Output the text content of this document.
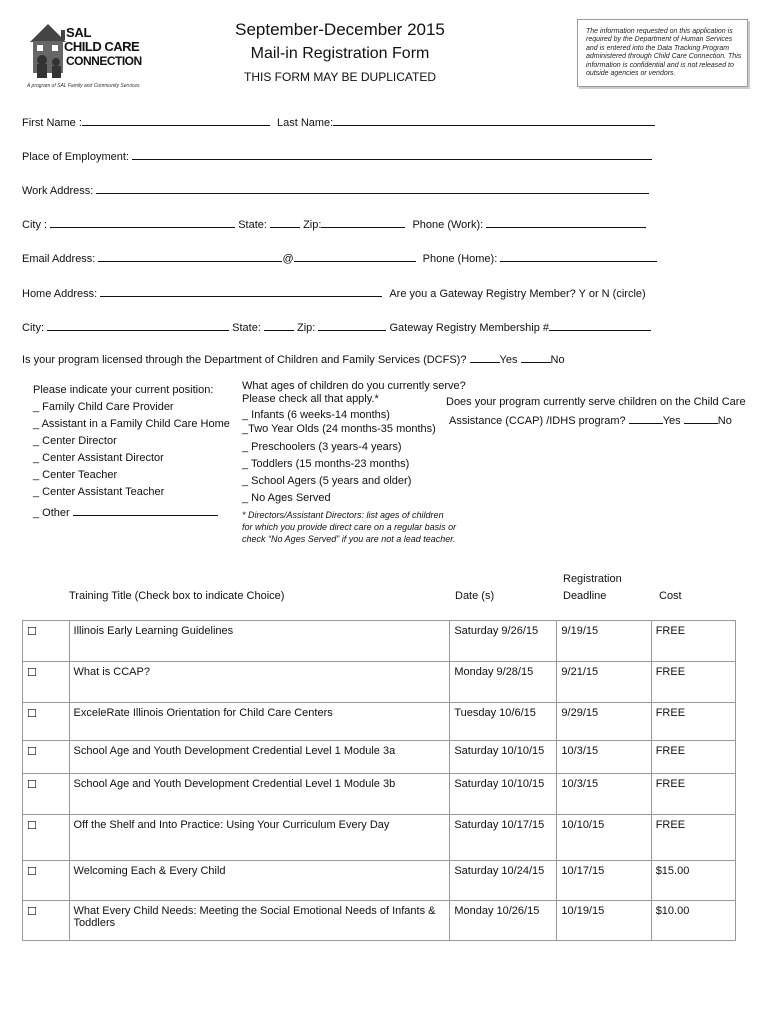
SAL
CHILD CARE
CONNECTION
A program of SAL Family and Community Services
September-December 2015
Mail-in Registration Form
THIS FORM MAY BE DUPLICATED
The information requested on this application is required by the Department of Human Services and is entered into the Data Tracking Program administered through Child Care Connection. This information is confidential and is not released to outside agencies or vendors.
First Name :	Last Name:
Place of Employment:
Work Address:
City :	State:	Zip:	Phone (Work):
Email Address:	@	Phone (Home):
Home Address:	Are you a Gateway Registry Member? Y or N (circle)
City:	State:	Zip:	Gateway Registry Membership #
Is your program licensed through the Department of Children and Family Services (DCFS)?	Yes	No
Please indicate your current position:
_ Family Child Care Provider
_ Assistant in a Family Child Care Home
_ Center Director
_ Center Assistant Director
_ Center Teacher
_ Center Assistant Teacher
_ Other
What ages of children do you currently serve?
Please check all that apply.*
_ Infants (6 weeks-14 months)
_Two Year Olds (24 months-35 months)
_ Preschoolers (3 years-4 years)
_ Toddlers (15 months-23 months)
_ School Agers (5 years and older)
_ No Ages Served
* Directors/Assistant Directors: list ages of children
for which you provide direct care on a regular basis or
check “No Ages Served” if you are not a lead teacher.
Does your program currently serve children on the Child Care
Assistance (CCAP) /IDHS program?	Yes	No
Training Title (Check box to indicate Choice)	Date (s)
Registration
Deadline	Cost
☐	Illinois Early Learning Guidelines	Saturday 9/26/15	9/19/15	FREE
☐	What is CCAP?	Monday 9/28/15	9/21/15	FREE
☐	ExceleRate Illinois Orientation for Child Care Centers	Tuesday 10/6/15	9/29/15	FREE
☐	School Age and Youth Development Credential Level 1 Module 3a	Saturday 10/10/15	10/3/15	FREE
☐	School Age and Youth Development Credential Level 1 Module 3b	Saturday 10/10/15	10/3/15	FREE
☐	Off the Shelf and Into Practice: Using Your Curriculum Every Day	Saturday 10/17/15	10/10/15	FREE
☐	Welcoming Each & Every Child	Saturday 10/24/15	10/17/15	$15.00
☐	What Every Child Needs: Meeting the Social Emotional Needs of Infants & Toddlers	Monday 10/26/15	10/19/15	$10.00
